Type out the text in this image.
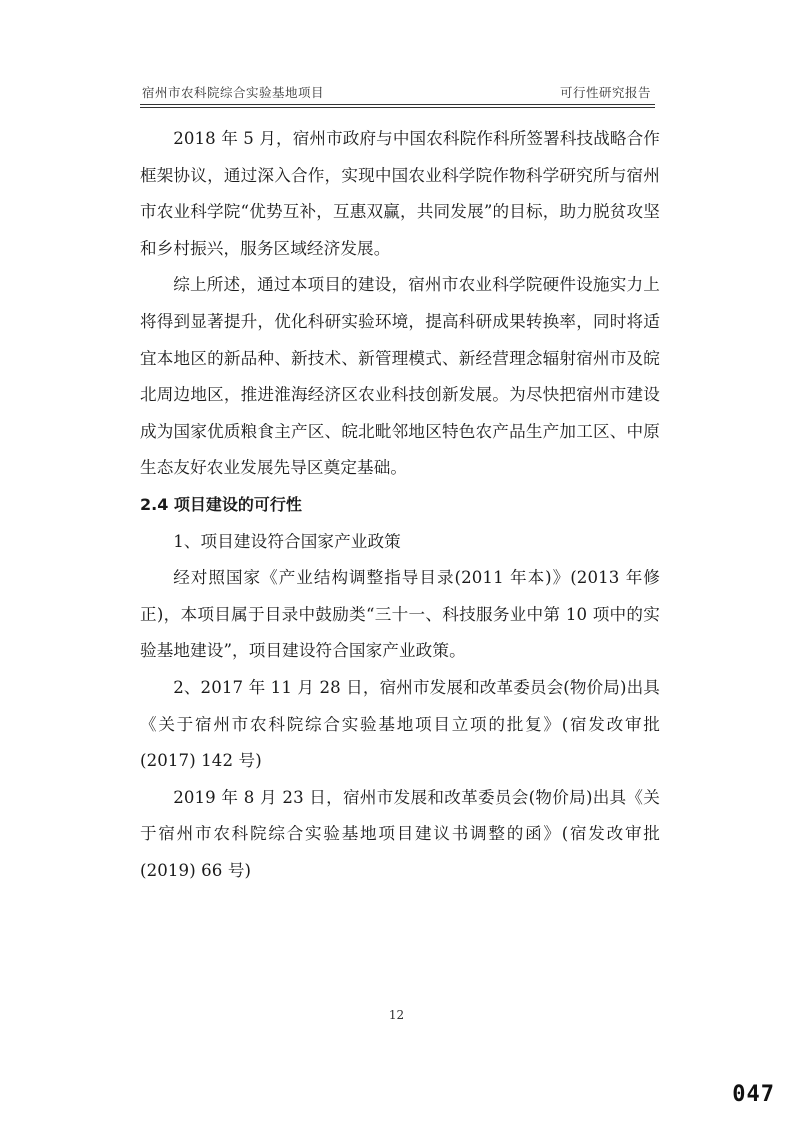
宿州市农科院综合实验基地项目	可行性研究报告

2018 年 5 月，宿州市政府与中国农科院作科所签署科技战略合作框架协议，通过深入合作，实现中国农业科学院作物科学研究所与宿州市农业科学院“优势互补，互惠双赢，共同发展”的目标，助力脱贫攻坚和乡村振兴，服务区域经济发展。

综上所述，通过本项目的建设，宿州市农业科学院硬件设施实力上将得到显著提升，优化科研实验环境，提高科研成果转换率，同时将适宜本地区的新品种、新技术、新管理模式、新经营理念辐射宿州市及皖北周边地区，推进淮海经济区农业科技创新发展。为尽快把宿州市建设成为国家优质粮食主产区、皖北毗邻地区特色农产品生产加工区、中原生态友好农业发展先导区奠定基础。

2.4 项目建设的可行性

1、项目建设符合国家产业政策

经对照国家《产业结构调整指导目录(2011 年本)》(2013 年修正)，本项目属于目录中鼓励类“三十一、科技服务业中第 10 项中的实验基地建设”，项目建设符合国家产业政策。

2、2017 年 11 月 28 日，宿州市发展和改革委员会(物价局)出具《关于宿州市农科院综合实验基地项目立项的批复》(宿发改审批(2017) 142 号)

2019 年 8 月 23 日，宿州市发展和改革委员会(物价局)出具《关于宿州市农科院综合实验基地项目建议书调整的函》(宿发改审批(2019) 66 号)

12
047
